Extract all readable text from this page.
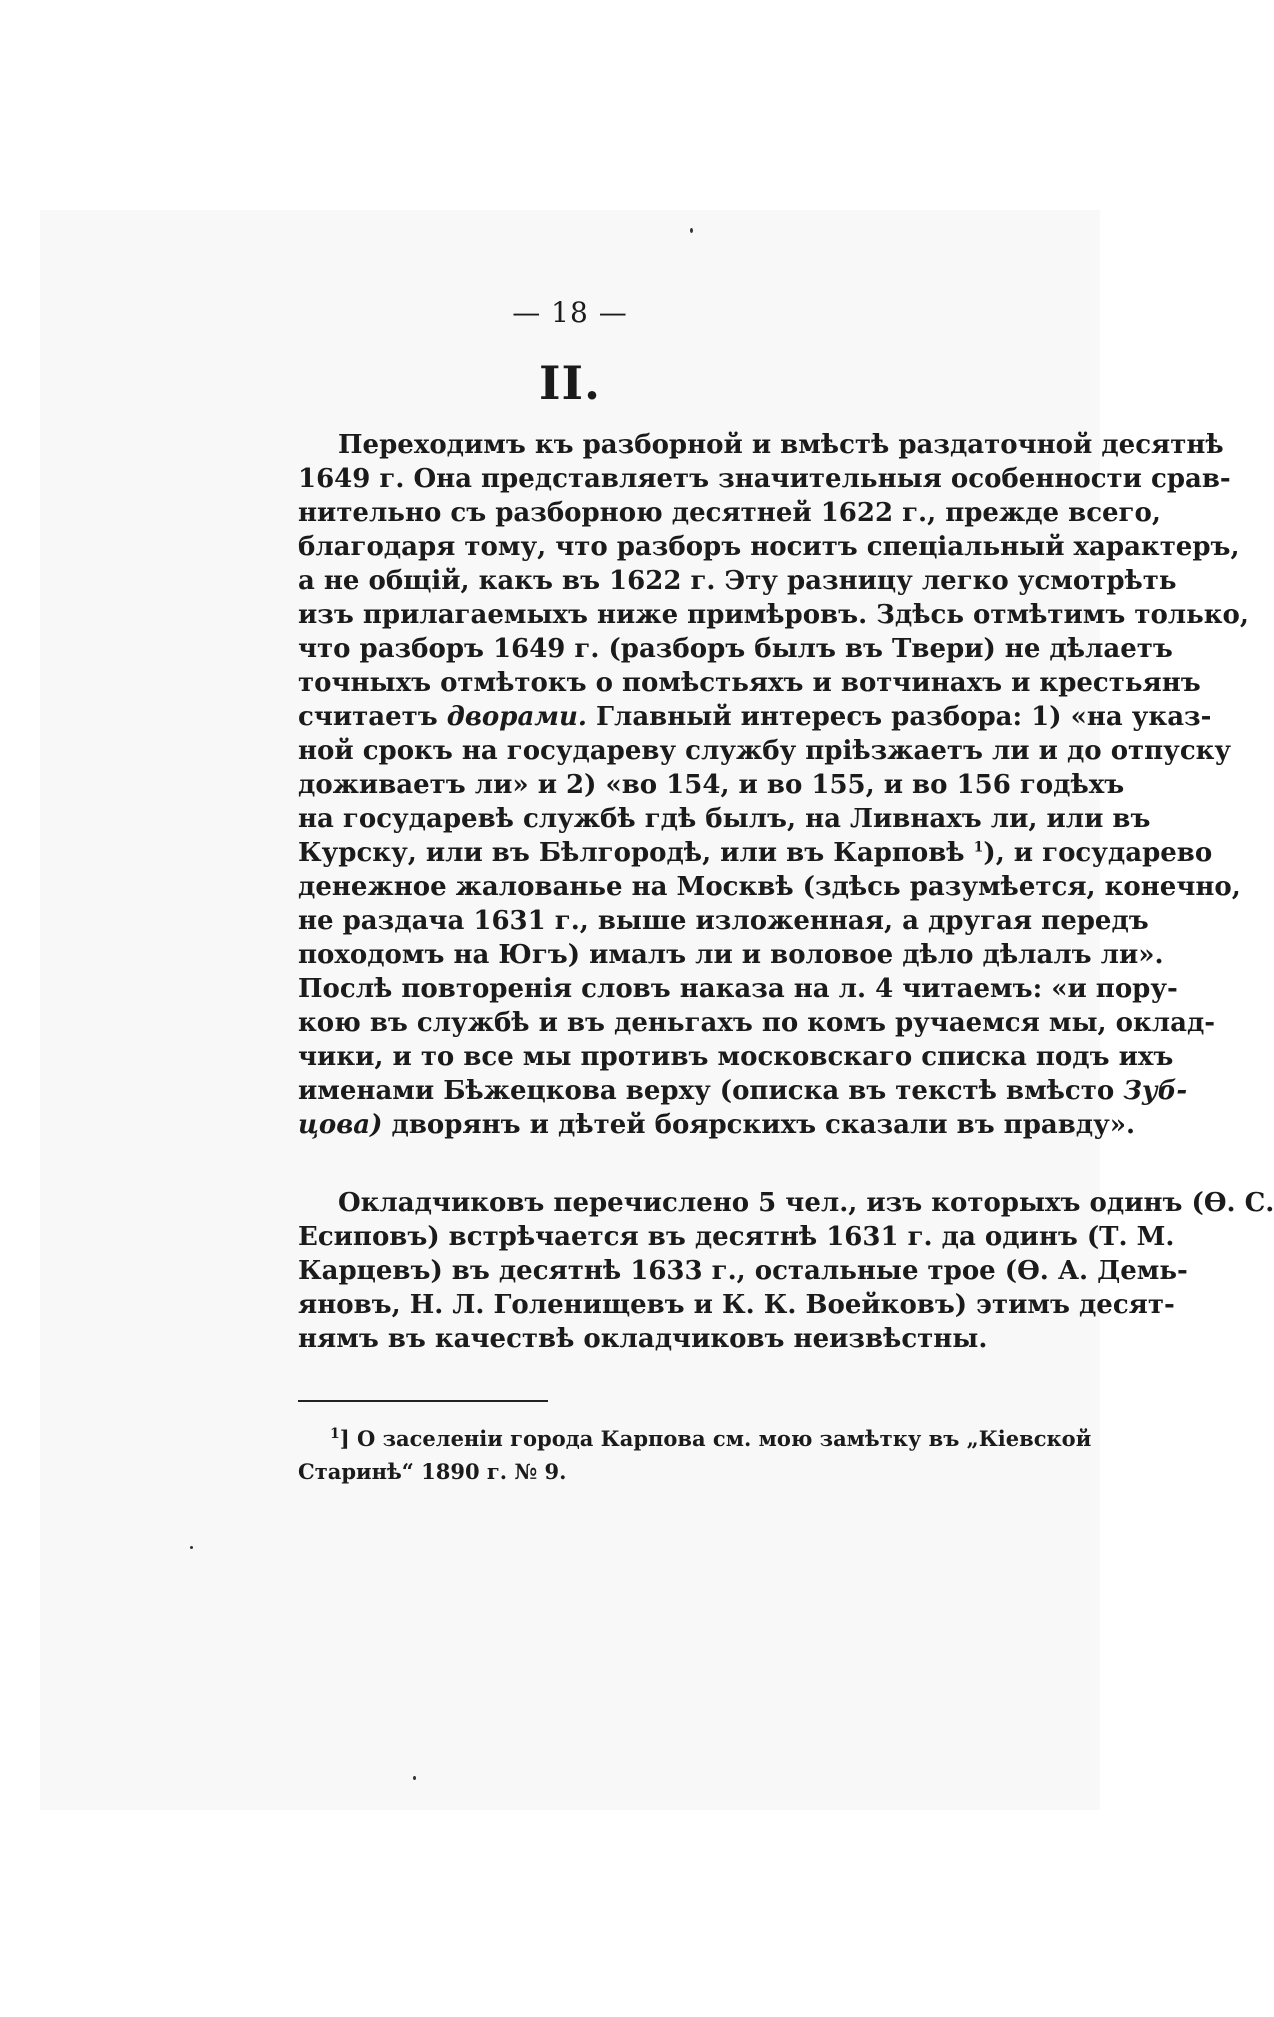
— 18 —
II.
Переходимъ къ разборной и вмѣстѣ раздаточной десятнѣ
1649 г. Она представляетъ значительныя особенности срав-
нительно съ разборною десятней 1622 г., прежде всего,
благодаря тому, что разборъ носитъ спеціальный характеръ,
а не общій, какъ въ 1622 г. Эту разницу легко усмотрѣть
изъ прилагаемыхъ ниже примѣровъ. Здѣсь отмѣтимъ только,
что разборъ 1649 г. (разборъ былъ въ Твери) не дѣлаетъ
точныхъ отмѣтокъ о помѣстьяхъ и вотчинахъ и крестьянъ
считаетъ дворами. Главный интересъ разбора: 1) «на указ-
ной срокъ на государеву службу пріѣзжаетъ ли и до отпуску
доживаетъ ли» и 2) «во 154, и во 155, и во 156 годѣхъ
на государевѣ службѣ гдѣ былъ, на Ливнахъ ли, или въ
Курску, или въ Бѣлгородѣ, или въ Карповѣ $^1$), и государево
денежное жалованье на Москвѣ (здѣсь разумѣется, конечно,
не раздача 1631 г., выше изложенная, а другая передъ
походомъ на Югъ) ималъ ли и воловое дѣло дѣлалъ ли».
Послѣ повторенія словъ наказа на л. 4 читаемъ: «и пору-
кою въ службѣ и въ деньгахъ по комъ ручаемся мы, оклад-
чики, и то все мы противъ московскаго списка подъ ихъ
именами Бѣжецкова верху (описка въ текстѣ вмѣсто Зуб-
цова) дворянъ и дѣтей боярскихъ сказали въ правду».
Окладчиковъ перечислено 5 чел., изъ которыхъ одинъ (Ѳ. С.
Есиповъ) встрѣчается въ десятнѣ 1631 г. да одинъ (Т. М.
Карцевъ) въ десятнѣ 1633 г., остальные трое (Ѳ. А. Демь-
яновъ, Н. Л. Голенищевъ и К. К. Воейковъ) этимъ десят-
нямъ въ качествѣ окладчиковъ неизвѣстны.
$^1$] О заселеніи города Карпова см. мою замѣтку въ „Кіевской
Старинѣ“ 1890 г. № 9.
